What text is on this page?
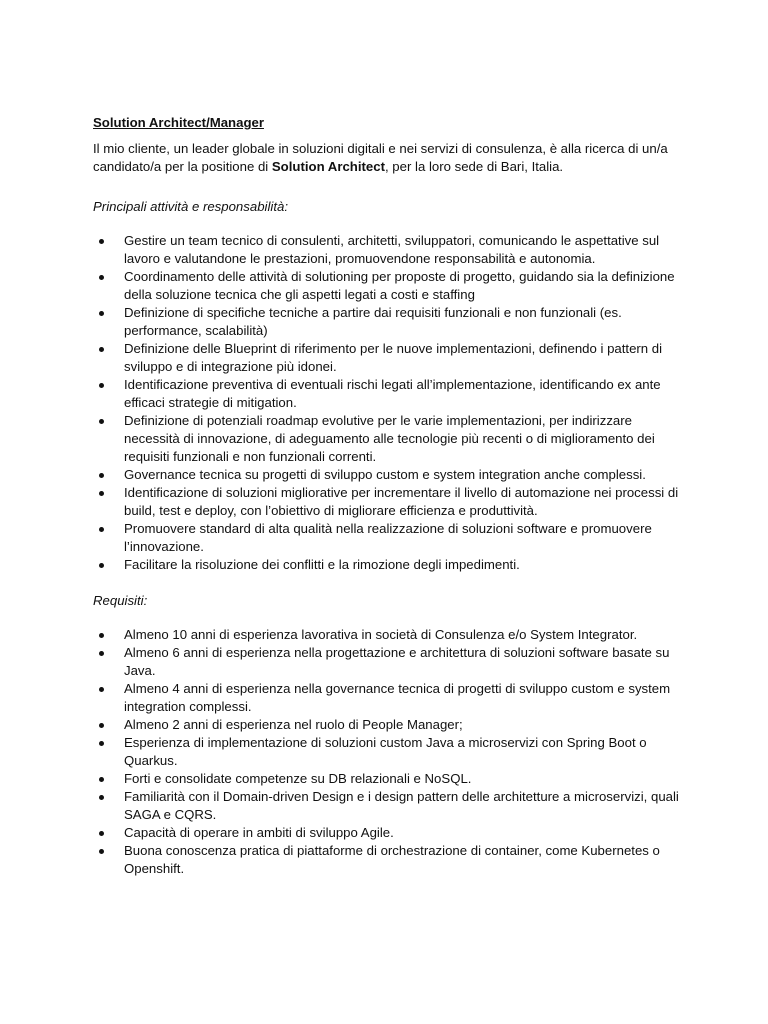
Solution Architect/Manager

Il mio cliente, un leader globale in soluzioni digitali e nei servizi di consulenza, è alla ricerca di un/a candidato/a per la positione di Solution Architect, per la loro sede di Bari, Italia.

Principali attività e responsabilità:
Gestire un team tecnico di consulenti, architetti, sviluppatori, comunicando le aspettative sul lavoro e valutandone le prestazioni, promuovendone responsabilità e autonomia.
Coordinamento delle attività di solutioning per proposte di progetto, guidando sia la definizione della soluzione tecnica che gli aspetti legati a costi e staffing
Definizione di specifiche tecniche a partire dai requisiti funzionali e non funzionali (es. performance, scalabilità)
Definizione delle Blueprint di riferimento per le nuove implementazioni, definendo i pattern di sviluppo e di integrazione più idonei.
Identificazione preventiva di eventuali rischi legati all’implementazione, identificando ex ante efficaci strategie di mitigation.
Definizione di potenziali roadmap evolutive per le varie implementazioni, per indirizzare necessità di innovazione, di adeguamento alle tecnologie più recenti o di miglioramento dei requisiti funzionali e non funzionali correnti.
Governance tecnica su progetti di sviluppo custom e system integration anche complessi.
Identificazione di soluzioni migliorative per incrementare il livello di automazione nei processi di build, test e deploy, con l’obiettivo di migliorare efficienza e produttività.
Promuovere standard di alta qualità nella realizzazione di soluzioni software e promuovere l’innovazione.
Facilitare la risoluzione dei conflitti e la rimozione degli impedimenti.
Requisiti:
Almeno 10 anni di esperienza lavorativa in società di Consulenza e/o System Integrator.
Almeno 6 anni di esperienza nella progettazione e architettura di soluzioni software basate su Java.
Almeno 4 anni di esperienza nella governance tecnica di progetti di sviluppo custom e system integration complessi.
Almeno 2 anni di esperienza nel ruolo di People Manager;
Esperienza di implementazione di soluzioni custom Java a microservizi con Spring Boot o Quarkus.
Forti e consolidate competenze su DB relazionali e NoSQL.
Familiarità con il Domain-driven Design e i design pattern delle architetture a microservizi, quali SAGA e CQRS.
Capacità di operare in ambiti di sviluppo Agile.
Buona conoscenza pratica di piattaforme di orchestrazione di container, come Kubernetes o Openshift.
